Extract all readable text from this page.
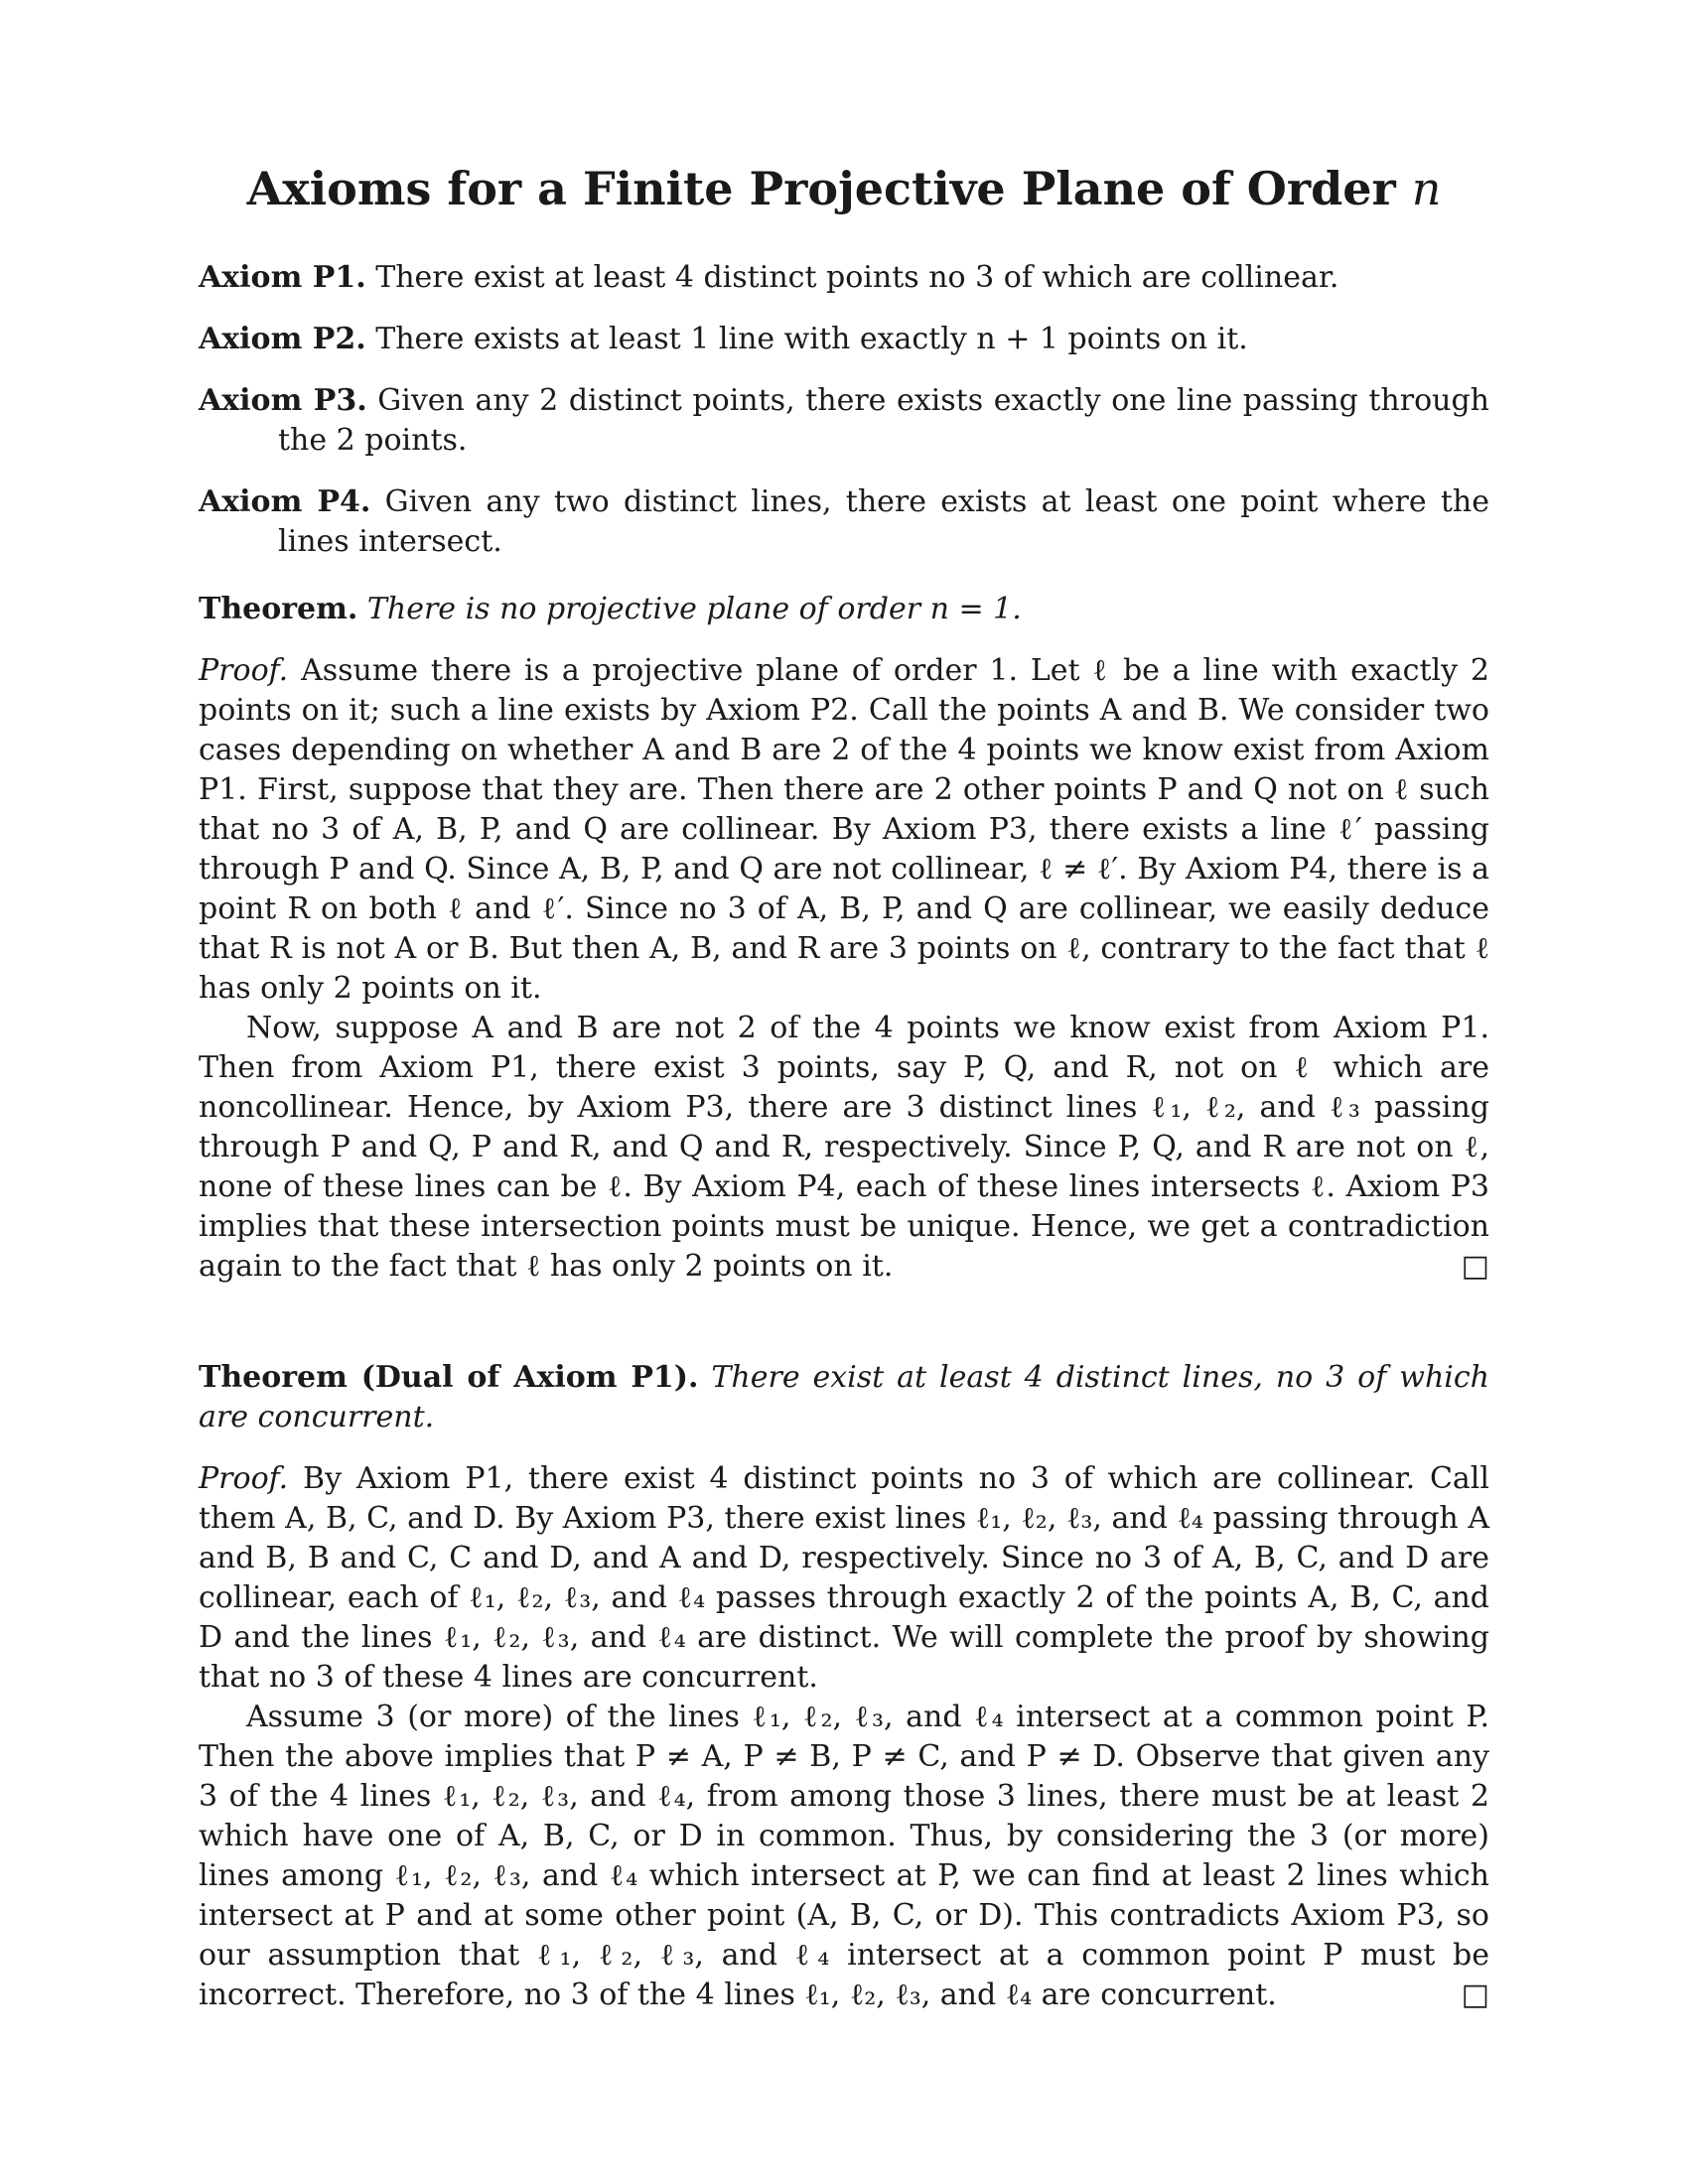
Axioms for a Finite Projective Plane of Order n
Axiom P1. There exist at least 4 distinct points no 3 of which are collinear.
Axiom P2. There exists at least 1 line with exactly n + 1 points on it.
Axiom P3. Given any 2 distinct points, there exists exactly one line passing through the 2 points.
Axiom P4. Given any two distinct lines, there exists at least one point where the lines intersect.
Theorem. There is no projective plane of order n = 1.

Proof. Assume there is a projective plane of order 1. Let ℓ be a line with exactly 2 points on it; such a line exists by Axiom P2. Call the points A and B. We consider two cases depending on whether A and B are 2 of the 4 points we know exist from Axiom P1. First, suppose that they are. Then there are 2 other points P and Q not on ℓ such that no 3 of A, B, P, and Q are collinear. By Axiom P3, there exists a line ℓ′ passing through P and Q. Since A, B, P, and Q are not collinear, ℓ ≠ ℓ′. By Axiom P4, there is a point R on both ℓ and ℓ′. Since no 3 of A, B, P, and Q are collinear, we easily deduce that R is not A or B. But then A, B, and R are 3 points on ℓ, contrary to the fact that ℓ has only 2 points on it.

Now, suppose A and B are not 2 of the 4 points we know exist from Axiom P1. Then from Axiom P1, there exist 3 points, say P, Q, and R, not on ℓ which are noncollinear. Hence, by Axiom P3, there are 3 distinct lines ℓ₁, ℓ₂, and ℓ₃ passing through P and Q, P and R, and Q and R, respectively. Since P, Q, and R are not on ℓ, none of these lines can be ℓ. By Axiom P4, each of these lines intersects ℓ. Axiom P3 implies that these intersection points must be unique. Hence, we get a contradiction again to the fact that ℓ has only 2 points on it.	□

Theorem (Dual of Axiom P1). There exist at least 4 distinct lines, no 3 of which are concurrent.

Proof. By Axiom P1, there exist 4 distinct points no 3 of which are collinear. Call them A, B, C, and D. By Axiom P3, there exist lines ℓ₁, ℓ₂, ℓ₃, and ℓ₄ passing through A and B, B and C, C and D, and A and D, respectively. Since no 3 of A, B, C, and D are collinear, each of ℓ₁, ℓ₂, ℓ₃, and ℓ₄ passes through exactly 2 of the points A, B, C, and D and the lines ℓ₁, ℓ₂, ℓ₃, and ℓ₄ are distinct. We will complete the proof by showing that no 3 of these 4 lines are concurrent.

Assume 3 (or more) of the lines ℓ₁, ℓ₂, ℓ₃, and ℓ₄ intersect at a common point P. Then the above implies that P ≠ A, P ≠ B, P ≠ C, and P ≠ D. Observe that given any 3 of the 4 lines ℓ₁, ℓ₂, ℓ₃, and ℓ₄, from among those 3 lines, there must be at least 2 which have one of A, B, C, or D in common. Thus, by considering the 3 (or more) lines among ℓ₁, ℓ₂, ℓ₃, and ℓ₄ which intersect at P, we can find at least 2 lines which intersect at P and at some other point (A, B, C, or D). This contradicts Axiom P3, so our assumption that ℓ₁, ℓ₂, ℓ₃, and ℓ₄ intersect at a common point P must be incorrect. Therefore, no 3 of the 4 lines ℓ₁, ℓ₂, ℓ₃, and ℓ₄ are concurrent.	□
